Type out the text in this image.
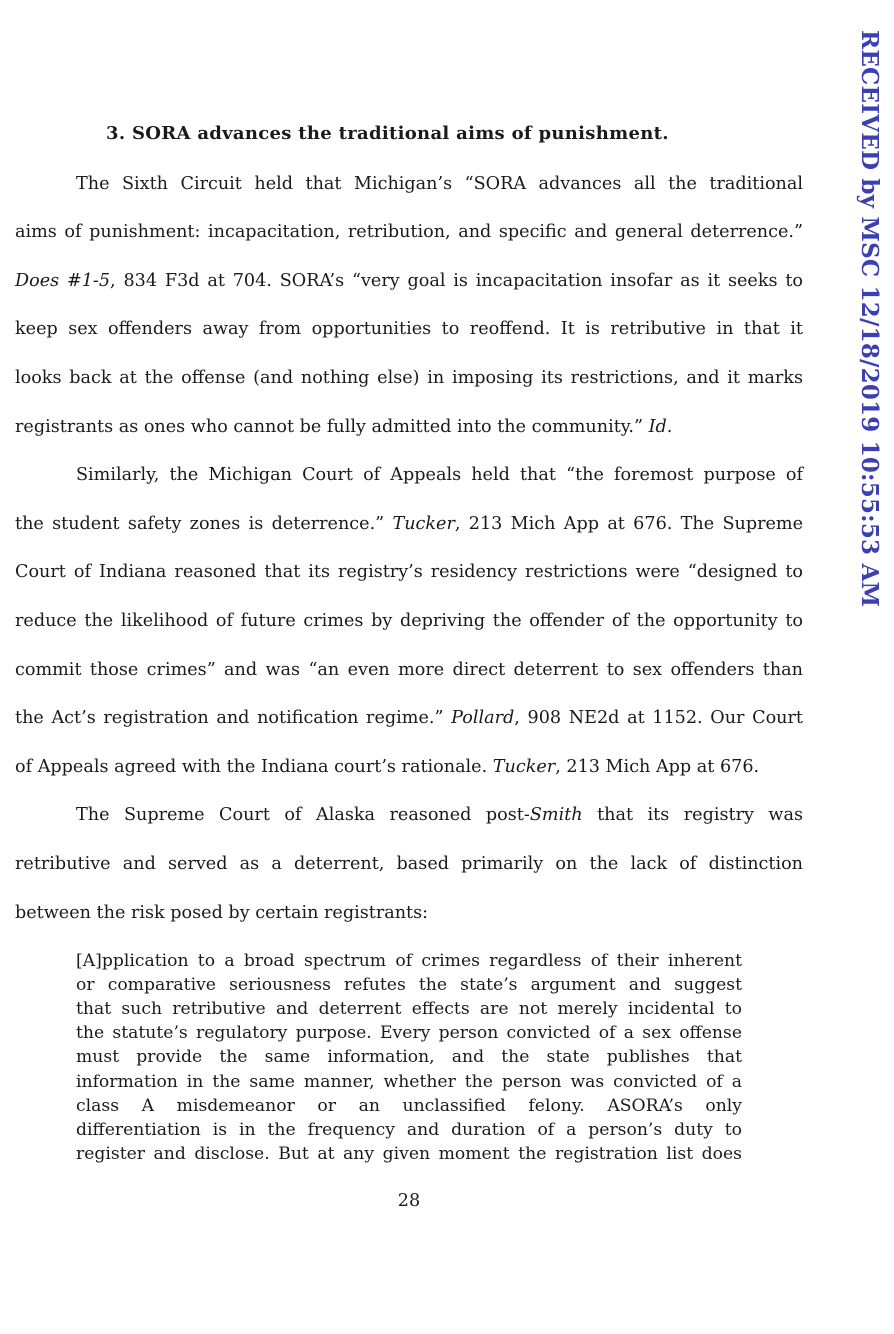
RECEIVED by MSC 12/18/2019 10:55:53 AM
3. SORA advances the traditional aims of punishment.
The Sixth Circuit held that Michigan’s “SORA advances all the traditional
aims of punishment: incapacitation, retribution, and specific and general deterrence.”
Does #1-5, 834 F3d at 704. SORA’s “very goal is incapacitation insofar as it seeks to
keep sex offenders away from opportunities to reoffend. It is retributive in that it
looks back at the offense (and nothing else) in imposing its restrictions, and it marks
registrants as ones who cannot be fully admitted into the community.” Id.
Similarly, the Michigan Court of Appeals held that “the foremost purpose of
the student safety zones is deterrence.” Tucker, 213 Mich App at 676. The Supreme
Court of Indiana reasoned that its registry’s residency restrictions were “designed to
reduce the likelihood of future crimes by depriving the offender of the opportunity to
commit those crimes” and was “an even more direct deterrent to sex offenders than
the Act’s registration and notification regime.” Pollard, 908 NE2d at 1152. Our Court
of Appeals agreed with the Indiana court’s rationale. Tucker, 213 Mich App at 676.
The Supreme Court of Alaska reasoned post-Smith that its registry was
retributive and served as a deterrent, based primarily on the lack of distinction
between the risk posed by certain registrants:
[A]pplication to a broad spectrum of crimes regardless of their inherent
or comparative seriousness refutes the state’s argument and suggest
that such retributive and deterrent effects are not merely incidental to
the statute’s regulatory purpose. Every person convicted of a sex offense
must provide the same information, and the state publishes that
information in the same manner, whether the person was convicted of a
class A misdemeanor or an unclassified felony. ASORA’s only
differentiation is in the frequency and duration of a person’s duty to
register and disclose. But at any given moment the registration list does
28
